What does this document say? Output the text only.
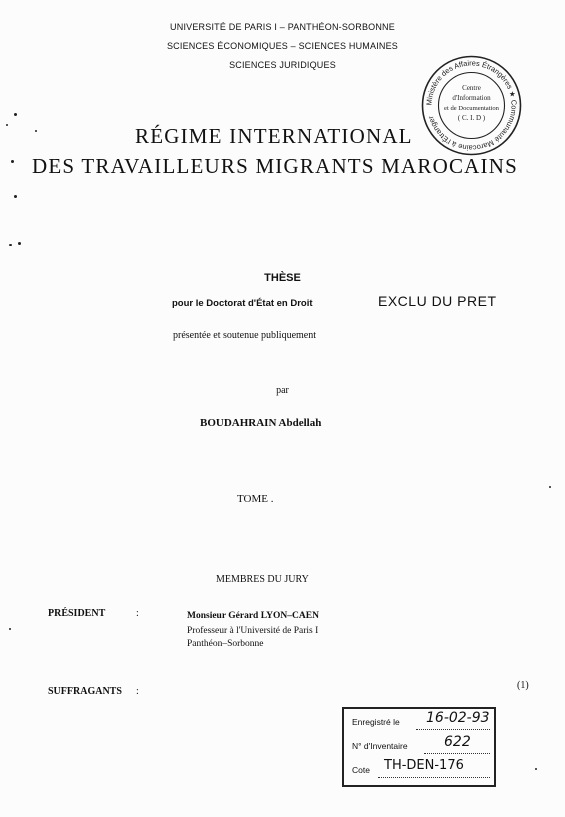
UNIVERSITÉ DE PARIS I – PANTHÉON-SORBONNE
SCIENCES ÉCONOMIQUES – SCIENCES HUMAINES
SCIENCES JURIDIQUES
Ministère des Affaires Étrangères ★ Communauté Marocaine à l'Étranger
Centre
d'Information
et de Documentation
( C. I. D )
RÉGIME INTERNATIONAL
DES TRAVAILLEURS MIGRANTS MAROCAINS
THÈSE
pour le Doctorat d'État en Droit	EXCLU DU PRET
présentée et soutenue publiquement
par
BOUDAHRAIN Abdellah
TOME .
MEMBRES DU JURY
PRÉSIDENT	:	Monsieur Gérard LYON–CAEN
Professeur à l'Université de Paris I
Panthéon–Sorbonne
SUFFRAGANTS :
(1)
Enregistré le 16-02-93
N° d'Inventaire	622
Cote TH-DEN-176
